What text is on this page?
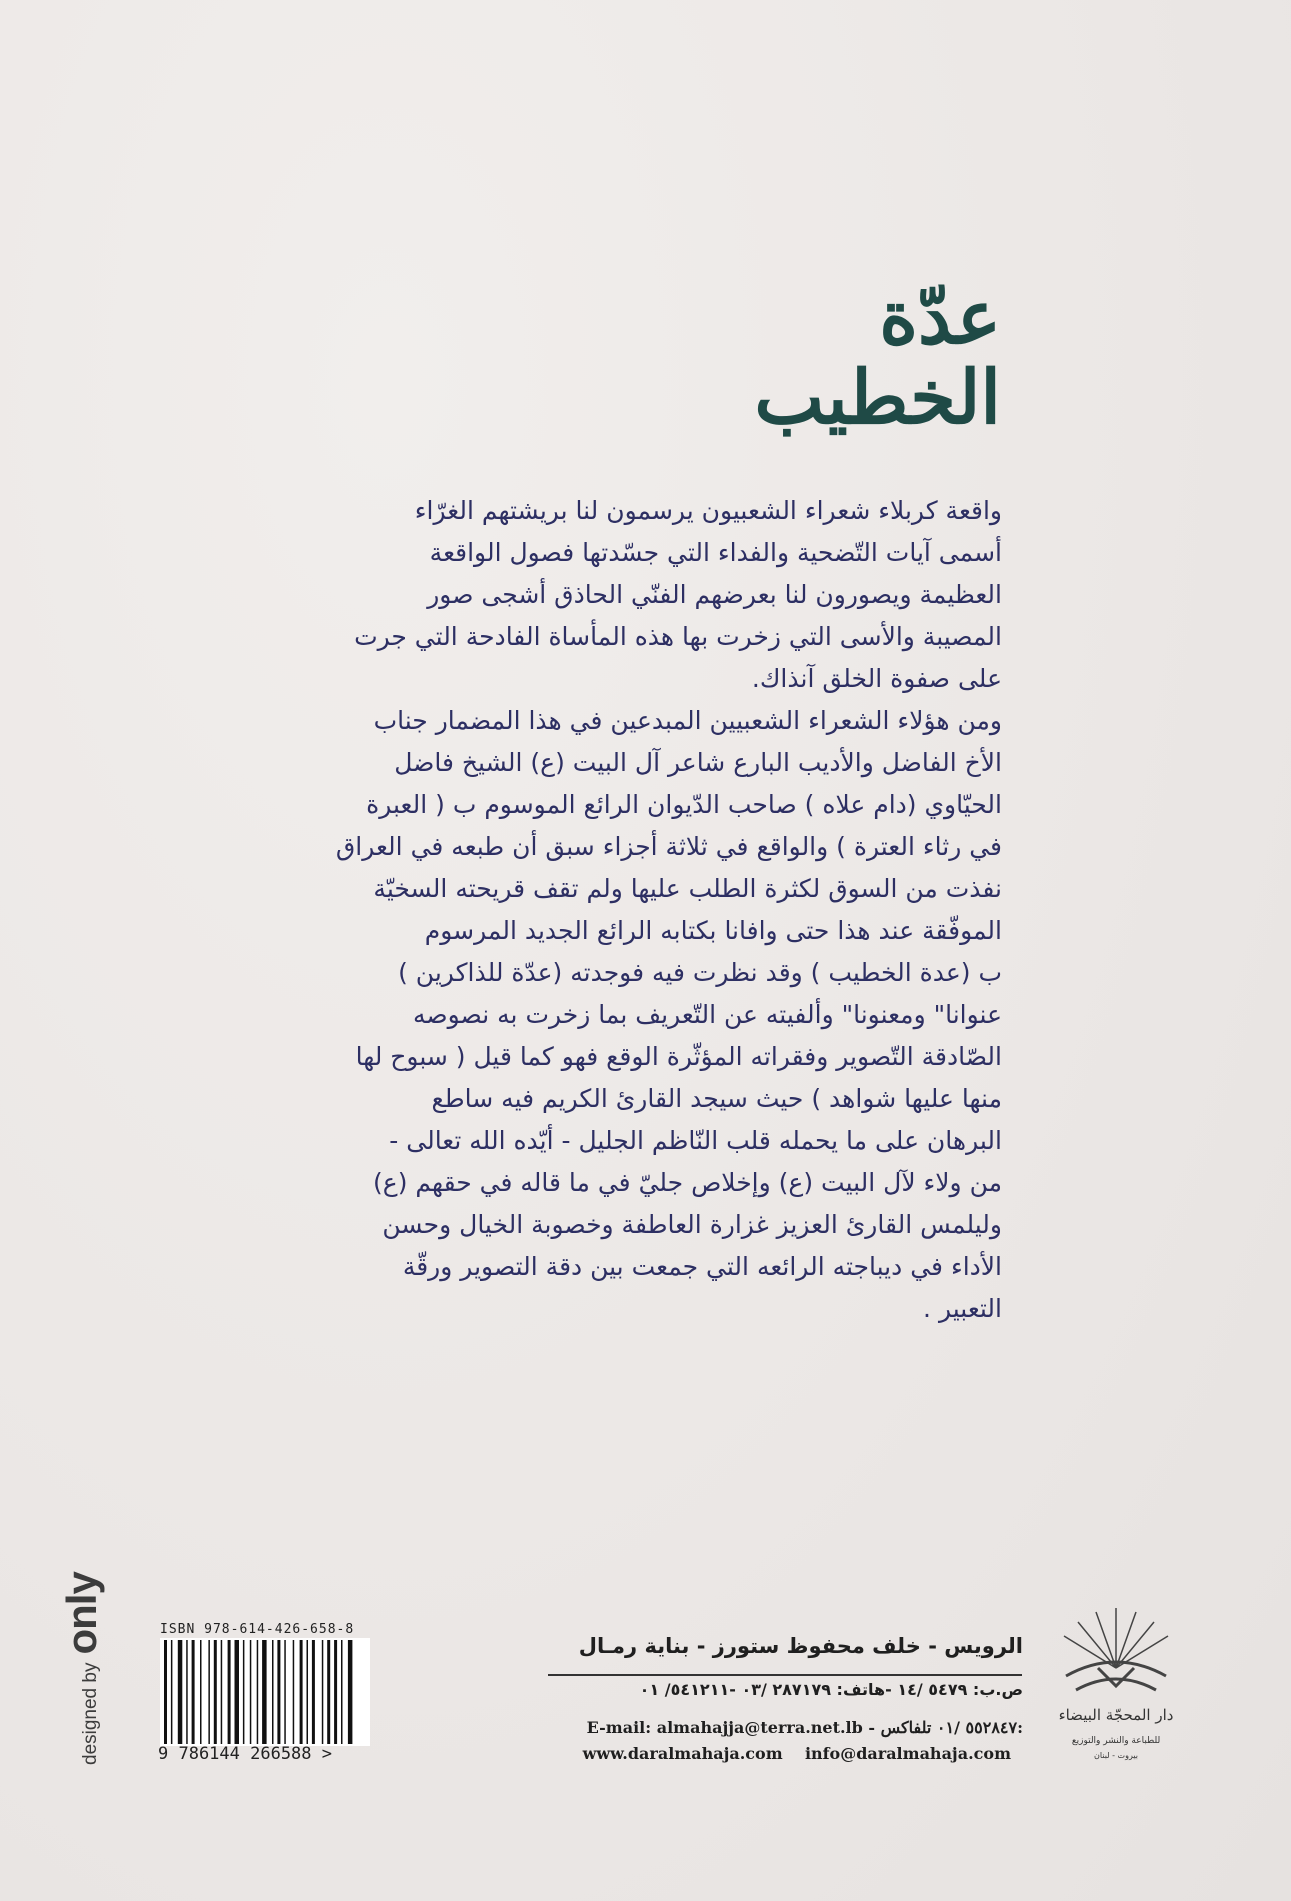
عدّة
الخطيب
واقعة كربلاء شعراء الشعبيون يرسمون لنا بريشتهم الغرّاء
أسمى آيات التّضحية والفداء التي جسّدتها فصول الواقعة
العظيمة ويصورون لنا بعرضهم الفنّي الحاذق أشجى صور
المصيبة والأسى التي زخرت بها هذه المأساة الفادحة التي جرت
على صفوة الخلق آنذاك.
ومن هؤلاء الشعراء الشعبيين المبدعين في هذا المضمار جناب
الأخ الفاضل والأديب البارع شاعر آل البيت (ع) الشيخ فاضل
الحيّاوي (دام علاه ) صاحب الدّيوان الرائع الموسوم ب ( العبرة
في رثاء العترة ) والواقع في ثلاثة أجزاء سبق أن طبعه في العراق
نفذت من السوق لكثرة الطلب عليها ولم تقف قريحته السخيّة
الموفّقة عند هذا حتى وافانا بكتابه الرائع الجديد المرسوم
ب (عدة الخطيب ) وقد نظرت فيه فوجدته (عدّة للذاكرين )
عنوانا" ومعنونا" وألفيته عن التّعريف بما زخرت به نصوصه
الصّادقة التّصوير وفقراته المؤثّرة الوقع فهو كما قيل ( سبوح لها
منها عليها شواهد ) حيث سيجد القارئ الكريم فيه ساطع
البرهان على ما يحمله قلب النّاظم الجليل - أيّده الله تعالى -
من ولاء لآل البيت (ع) وإخلاص جليّ في ما قاله في حقهم (ع)
وليلمس القارئ العزيز غزارة العاطفة وخصوبة الخيال وحسن
الأداء في ديباجته الرائعه التي جمعت بين دقة التصوير ورقّة
التعبير .
designed byonly	ISBN 978-614-426-658-8
9 786144 266588 >
الرويس - خلف محفوظ ستورز - بناية رمـال
ص.ب: ٥٤٧٩ /١٤ -هاتف: ٢٨٧١٧٩ /٠٣ -٥٤١٢١١/ ٠١
E-mail: almahajja@terra.net.lb -	٥٥٢٨٤٧ /٠١ تلفاكس:
www.daralmahaja.com info@daralmahaja.com
دار المحجّة البيضاء
للطباعة والنشر والتوزيع
بيروت - لبنان
